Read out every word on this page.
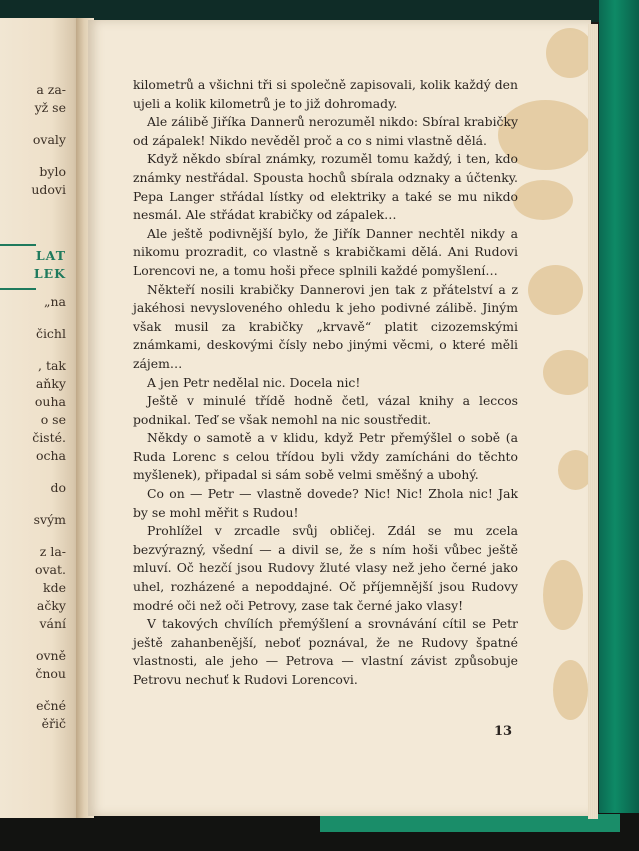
a za-
yž se
ovaly
bylo
udovi
LAT
LEK
„na
čichl
, tak
aňky
ouha
o se
čisté.
ocha
do
svým
z la-
ovat.
kde
ačky
vání
ovně
čnou
ečné
ěřič

kilometrů a všichni tři si společně zapisovali, kolik každý den ujeli a kolik kilometrů je to již dohromady.

Ale zálibě Jiříka Dannerů nerozuměl nikdo: Sbíral krabičky od zápalek! Nikdo nevěděl proč a co s nimi vlastně dělá.

Když někdo sbíral známky, rozuměl tomu každý, i ten, kdo známky nestřádal. Spousta hochů sbírala odznaky a účtenky. Pepa Langer střádal lístky od elektriky a také se mu nikdo nesmál. Ale střádat krabičky od zápalek…

Ale ještě podivnější bylo, že Jiřík Danner nechtěl nikdy a nikomu prozradit, co vlastně s krabičkami dělá. Ani Rudovi Lorencovi ne, a tomu hoši přece splnili každé pomyšlení…

Někteří nosili krabičky Dannerovi jen tak z přátelství a z jakéhosi nevysloveného ohledu k jeho podivné zálibě. Jiným však musil za krabičky „krvavě“ platit cizozemskými známkami, deskovými čísly nebo jinými věcmi, o které měli zájem…

A jen Petr nedělal nic. Docela nic!

Ještě v minulé třídě hodně četl, vázal knihy a leccos podnikal. Teď se však nemohl na nic soustředit.

Někdy o samotě a v klidu, když Petr přemýšlel o sobě (a Ruda Lorenc s celou třídou byli vždy zamícháni do těchto myšlenek), připadal si sám sobě velmi směšný a ubohý.

Co on — Petr — vlastně dovede? Nic! Nic! Zhola nic! Jak by se mohl měřit s Rudou!

Prohlížel v zrcadle svůj obličej. Zdál se mu zcela bezvýrazný, všední — a divil se, že s ním hoši vůbec ještě mluví. Oč hezčí jsou Rudovy žluté vlasy než jeho černé jako uhel, rozházené a nepoddajné. Oč příjemnější jsou Rudovy modré oči než oči Petrovy, zase tak černé jako vlasy!

V takových chvílích přemýšlení a srovnávání cítil se Petr ještě zahanbenější, neboť poznával, že ne Rudovy špatné vlastnosti, ale jeho — Petrova — vlastní závist způsobuje Petrovu nechuť k Rudovi Lorencovi.

13
